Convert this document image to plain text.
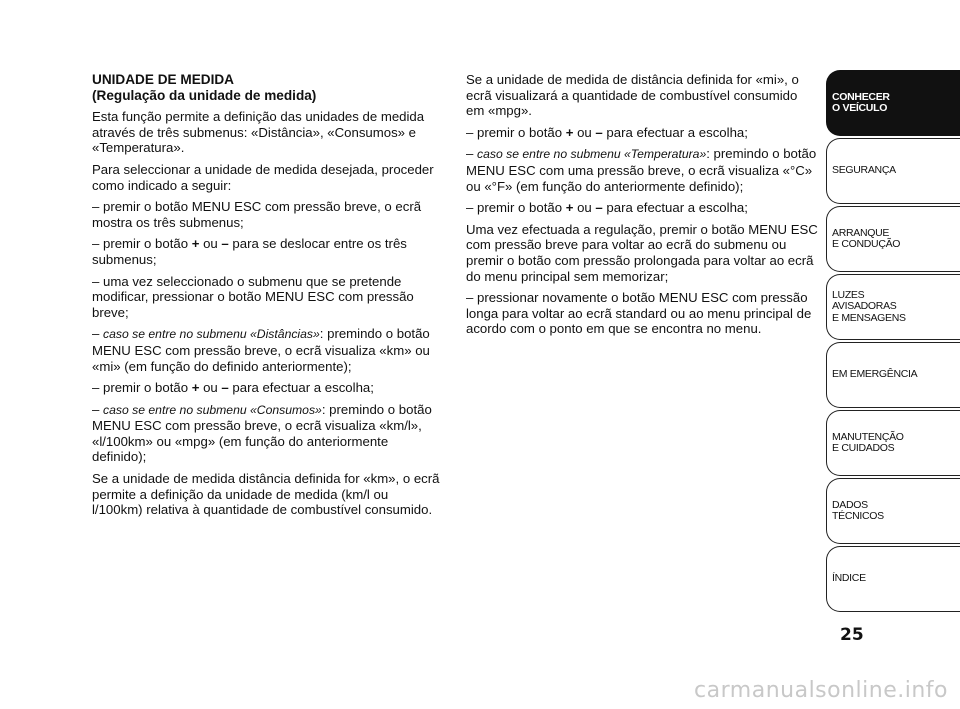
UNIDADE DE MEDIDA
(Regulação da unidade de medida)

Esta função permite a definição das unidades de medida através de três submenus: «Distância», «Consumos» e «Temperatura».

Para seleccionar a unidade de medida desejada, proceder como indicado a seguir:

– premir o botão MENU ESC com pressão breve, o ecrã mostra os três submenus;

– premir o botão + ou – para se deslocar entre os três submenus;

– uma vez seleccionado o submenu que se pretende modificar, pressionar o botão MENU ESC com pressão breve;

– caso se entre no submenu «Distâncias»: premindo o botão MENU ESC com pressão breve, o ecrã visualiza «km» ou «mi» (em função do definido anteriormente);

– premir o botão + ou – para efectuar a escolha;

– caso se entre no submenu «Consumos»: premindo o botão MENU ESC com pressão breve, o ecrã visualiza «km/l», «l/100km» ou «mpg» (em função do anteriormente definido);

Se a unidade de medida distância definida for «km», o ecrã permite a definição da unidade de medida (km/l ou l/100km) relativa à quantidade de combustível consumido.

Se a unidade de medida de distância definida for «mi», o ecrã visualizará a quantidade de combustível consumido em «mpg».

– premir o botão + ou – para efectuar a escolha;

– caso se entre no submenu «Temperatura»: premindo o botão MENU ESC com uma pressão breve, o ecrã visualiza «°C» ou «°F» (em função do anteriormente definido);

– premir o botão + ou – para efectuar a escolha;

Uma vez efectuada a regulação, premir o botão MENU ESC com pressão breve para voltar ao ecrã do submenu ou premir o botão com pressão prolongada para voltar ao ecrã do menu principal sem memorizar;

– pressionar novamente o botão MENU ESC com pressão longa para voltar ao ecrã standard ou ao menu principal de acordo com o ponto em que se encontra no menu.

CONHECER
O VEÍCULO
SEGURANÇA
ARRANQUE
E CONDUÇÃO
LUZES
AVISADORAS
E MENSAGENS
EM EMERGÊNCIA
MANUTENÇÃO
E CUIDADOS
DADOS
TÉCNICOS
ÍNDICE
25
carmanualsonline.info
